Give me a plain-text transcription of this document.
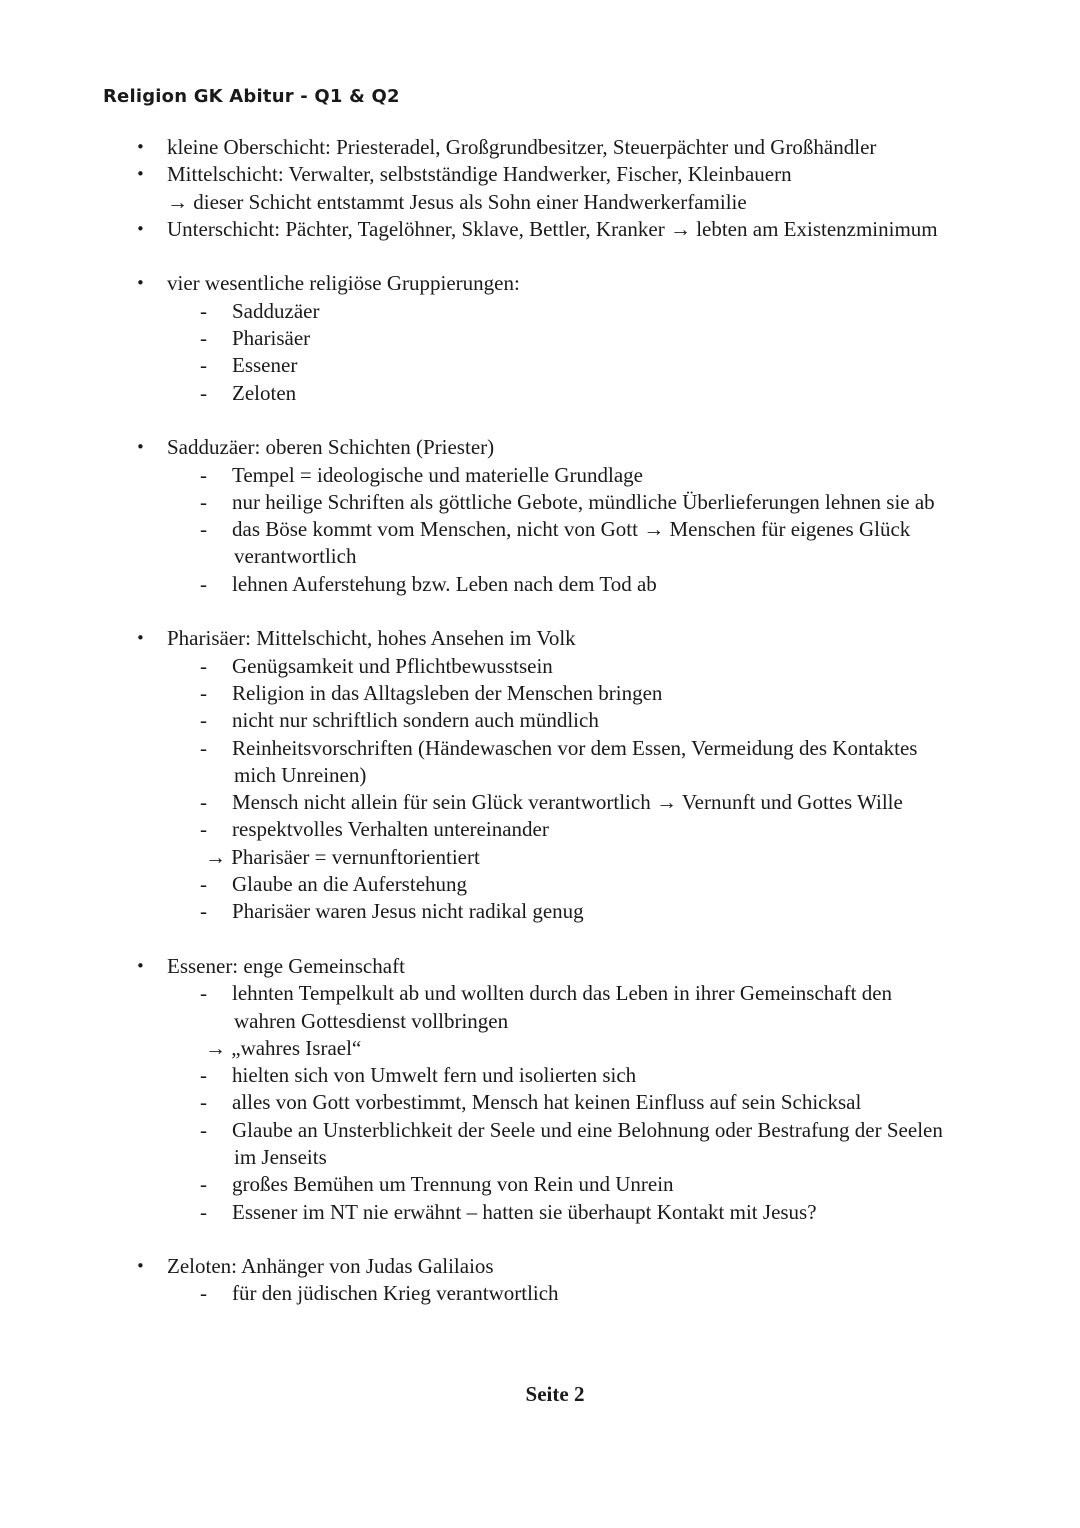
Religion GK Abitur - Q1 & Q2
• kleine Oberschicht: Priesteradel, Großgrundbesitzer, Steuerpächter und Großhändler
• Mittelschicht: Verwalter, selbstständige Handwerker, Fischer, Kleinbauern
→ dieser Schicht entstammt Jesus als Sohn einer Handwerkerfamilie
• Unterschicht: Pächter, Tagelöhner, Sklave, Bettler, Kranker → lebten am Existenzminimum
• vier wesentliche religiöse Gruppierungen:
- Sadduzäer
- Pharisäer
- Essener
- Zeloten
• Sadduzäer: oberen Schichten (Priester)
- Tempel = ideologische und materielle Grundlage
- nur heilige Schriften als göttliche Gebote, mündliche Überlieferungen lehnen sie ab
- das Böse kommt vom Menschen, nicht von Gott → Menschen für eigenes Glück
verantwortlich
- lehnen Auferstehung bzw. Leben nach dem Tod ab
• Pharisäer: Mittelschicht, hohes Ansehen im Volk
- Genügsamkeit und Pflichtbewusstsein
- Religion in das Alltagsleben der Menschen bringen
- nicht nur schriftlich sondern auch mündlich
- Reinheitsvorschriften (Händewaschen vor dem Essen, Vermeidung des Kontaktes
mich Unreinen)
- Mensch nicht allein für sein Glück verantwortlich → Vernunft und Gottes Wille
- respektvolles Verhalten untereinander
→ Pharisäer = vernunftorientiert
- Glaube an die Auferstehung
- Pharisäer waren Jesus nicht radikal genug
• Essener: enge Gemeinschaft
- lehnten Tempelkult ab und wollten durch das Leben in ihrer Gemeinschaft den
wahren Gottesdienst vollbringen
→ „wahres Israel“
- hielten sich von Umwelt fern und isolierten sich
- alles von Gott vorbestimmt, Mensch hat keinen Einfluss auf sein Schicksal
- Glaube an Unsterblichkeit der Seele und eine Belohnung oder Bestrafung der Seelen
im Jenseits
- großes Bemühen um Trennung von Rein und Unrein
- Essener im NT nie erwähnt – hatten sie überhaupt Kontakt mit Jesus?
• Zeloten: Anhänger von Judas Galilaios
- für den jüdischen Krieg verantwortlich
Seite 2
